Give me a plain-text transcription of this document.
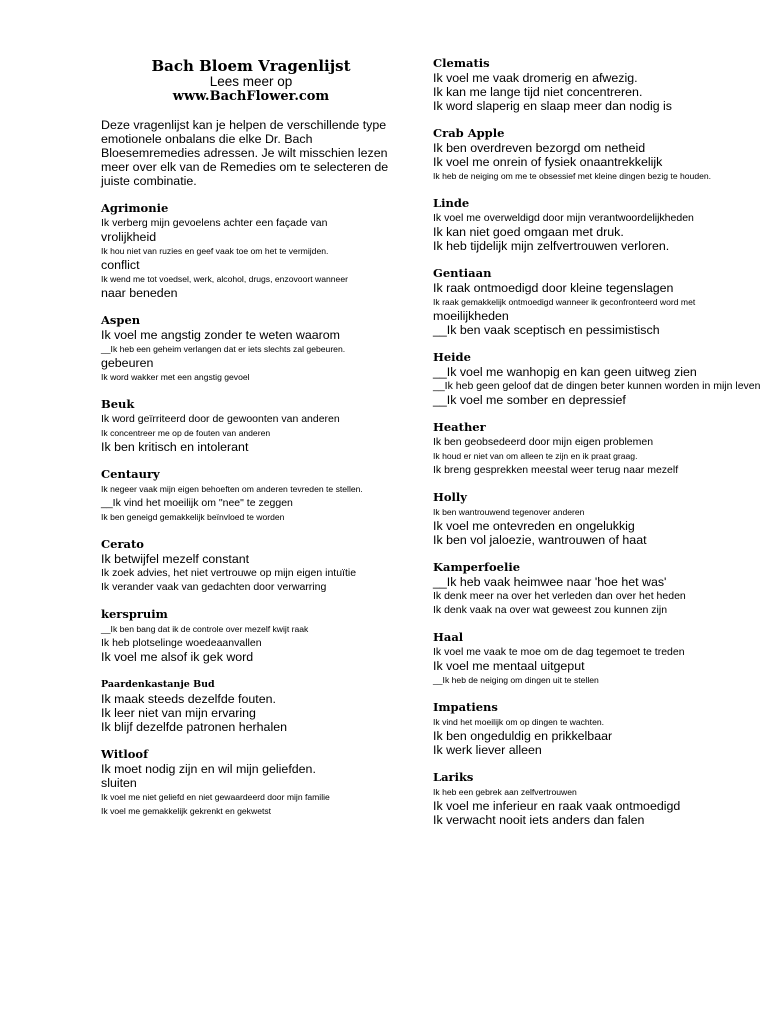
Bach Bloem Vragenlijst
Lees meer op
www.BachFlower.com

Deze vragenlijst kan je helpen de verschillende type emotionele onbalans die elke Dr. Bach Bloesemremedies adressen. Je wilt misschien lezen meer over elk van de Remedies om te selecteren de juiste combinatie.

Agrimonie
Ik verberg mijn gevoelens achter een façade van
vrolijkheid
Ik hou niet van ruzies en geef vaak toe om het te vermijden.
conflict
Ik wend me tot voedsel, werk, alcohol, drugs, enzovoort wanneer
naar beneden
Aspen
Ik voel me angstig zonder te weten waarom
__Ik heb een geheim verlangen dat er iets slechts zal gebeuren.
gebeuren
Ik word wakker met een angstig gevoel
Beuk
Ik word geïrriteerd door de gewoonten van anderen
Ik concentreer me op de fouten van anderen
Ik ben kritisch en intolerant
Centaury
Ik negeer vaak mijn eigen behoeften om anderen tevreden te stellen.
__Ik vind het moeilijk om "nee" te zeggen
Ik ben geneigd gemakkelijk beïnvloed te worden
Cerato
Ik betwijfel mezelf constant
Ik zoek advies, het niet vertrouwe op mijn eigen intuïtie
Ik verander vaak van gedachten door verwarring
kerspruim
__Ik ben bang dat ik de controle over mezelf kwijt raak
Ik heb plotselinge woedeaanvallen
Ik voel me alsof ik gek word
Paardenkastanje Bud
Ik maak steeds dezelfde fouten.
Ik leer niet van mijn ervaring
Ik blijf dezelfde patronen herhalen
Witloof
Ik moet nodig zijn en wil mijn geliefden.
sluiten
Ik voel me niet geliefd en niet gewaardeerd door mijn familie
Ik voel me gemakkelijk gekrenkt en gekwetst
Clematis
Ik voel me vaak dromerig en afwezig.
Ik kan me lange tijd niet concentreren.
Ik word slaperig en slaap meer dan nodig is
Crab Apple
Ik ben overdreven bezorgd om netheid
Ik voel me onrein of fysiek onaantrekkelijk
Ik heb de neiging om me te obsessief met kleine dingen bezig te houden.
Linde
Ik voel me overweldigd door mijn verantwoordelijkheden
Ik kan niet goed omgaan met druk.
Ik heb tijdelijk mijn zelfvertrouwen verloren.
Gentiaan
Ik raak ontmoedigd door kleine tegenslagen
Ik raak gemakkelijk ontmoedigd wanneer ik geconfronteerd word met
moeilijkheden
__Ik ben vaak sceptisch en pessimistisch
Heide
__Ik voel me wanhopig en kan geen uitweg zien
__Ik heb geen geloof dat de dingen beter kunnen worden in mijn leven
__Ik voel me somber en depressief
Heather
Ik ben geobsedeerd door mijn eigen problemen
Ik houd er niet van om alleen te zijn en ik praat graag.
Ik breng gesprekken meestal weer terug naar mezelf
Holly
Ik ben wantrouwend tegenover anderen
Ik voel me ontevreden en ongelukkig
Ik ben vol jaloezie, wantrouwen of haat
Kamperfoelie
__Ik heb vaak heimwee naar 'hoe het was'
Ik denk meer na over het verleden dan over het heden
Ik denk vaak na over wat geweest zou kunnen zijn
Haal
Ik voel me vaak te moe om de dag tegemoet te treden
Ik voel me mentaal uitgeput
__Ik heb de neiging om dingen uit te stellen
Impatiens
Ik vind het moeilijk om op dingen te wachten.
Ik ben ongeduldig en prikkelbaar
Ik werk liever alleen
Lariks
Ik heb een gebrek aan zelfvertrouwen
Ik voel me inferieur en raak vaak ontmoedigd
Ik verwacht nooit iets anders dan falen
